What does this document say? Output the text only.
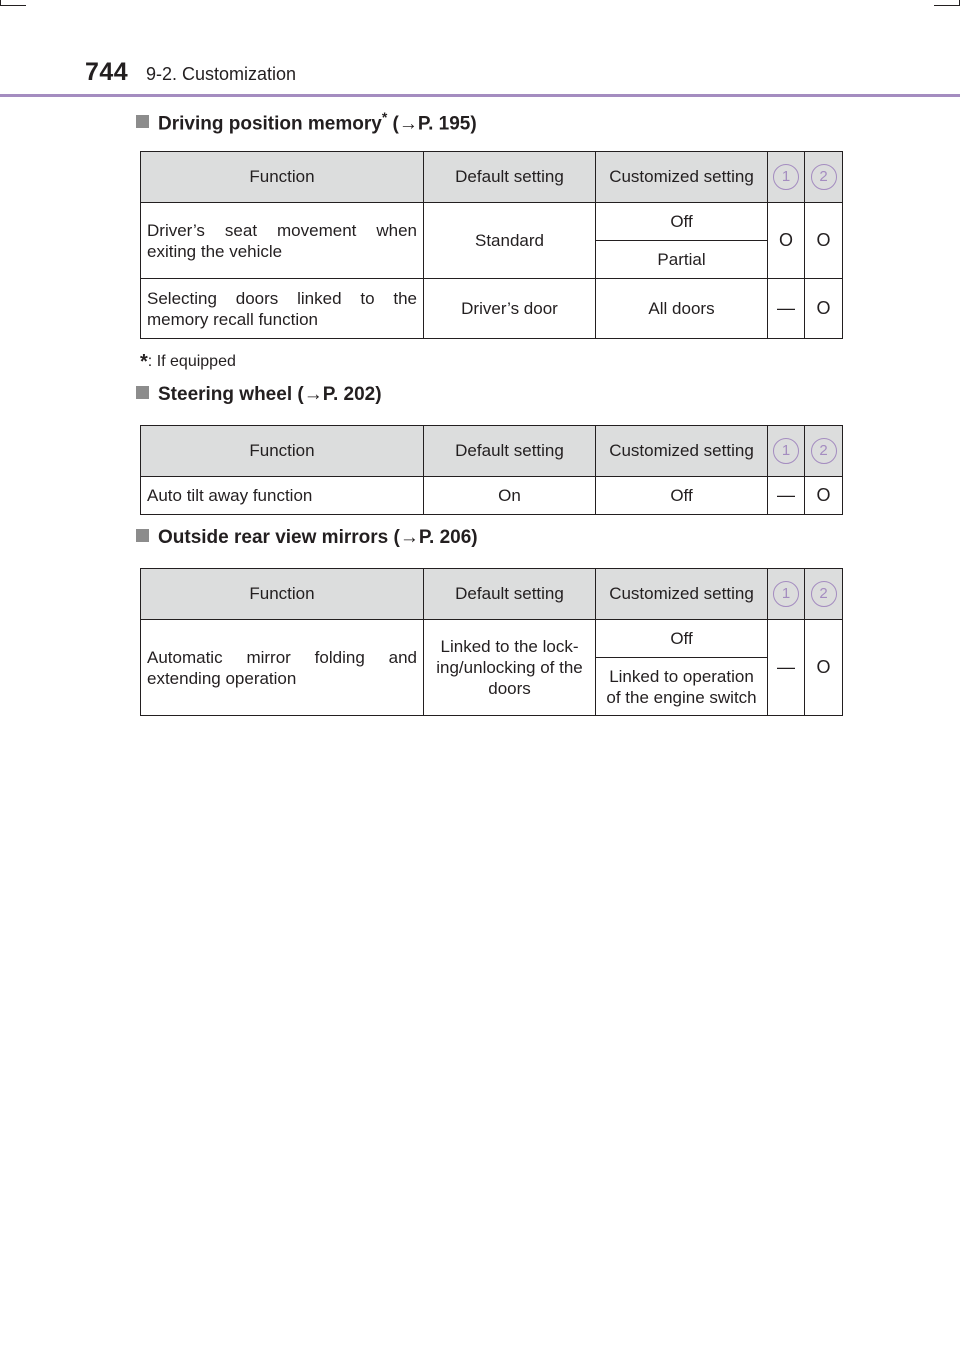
744 9-2. Customization
Driving position memory* (→P. 195)
Function	Default setting	Customized setting	1	2
Driver’s seat movement when exiting the vehicle	Standard	Off	O	O
		Partial		
Selecting doors linked to the memory recall function	Driver’s door	All doors	—	O
*: If equipped
Steering wheel (→P. 202)
Function	Default setting	Customized setting	1	2
Auto tilt away function	On	Off	—	O
Outside rear view mirrors (→P. 206)
Function	Default setting	Customized setting	1	2
Automatic mirror folding and extending operation	Linked to the lock-ing/unlocking of the doors	Off	—	O
		Linked to operation of the engine switch		
